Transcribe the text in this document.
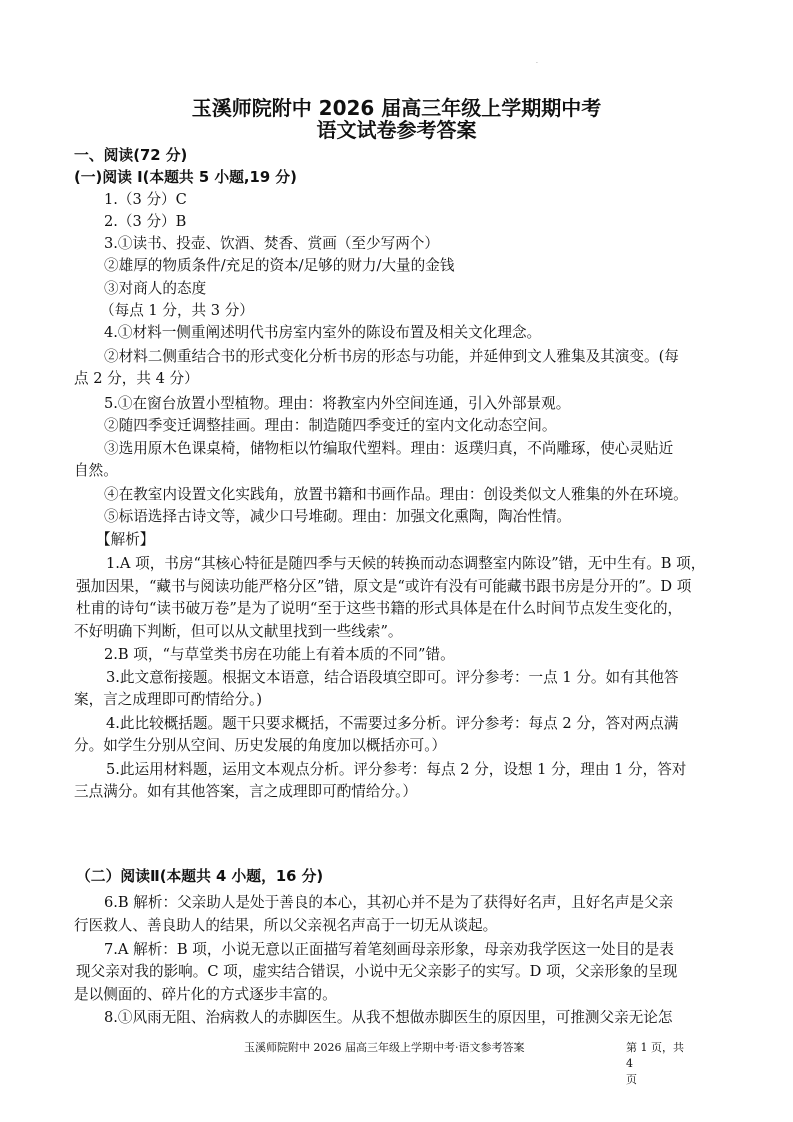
·
玉溪师院附中 2026 届高三年级上学期期中考
语文试卷参考答案
一、阅读(72 分)
(一)阅读 I(本题共 5 小题,19 分)
1.（3 分）C
2.（3 分）B
3.①读书、投壶、饮酒、焚香、赏画（至少写两个）
②雄厚的物质条件/充足的资本/足够的财力/大量的金钱
③对商人的态度
（每点 1 分，共 3 分）
4.①材料一侧重阐述明代书房室内室外的陈设布置及相关文化理念。
②材料二侧重结合书的形式变化分析书房的形态与功能，并延伸到文人雅集及其演变。(每
点 2 分，共 4 分）
5.①在窗台放置小型植物。理由：将教室内外空间连通，引入外部景观。
②随四季变迁调整挂画。理由：制造随四季变迁的室内文化动态空间。
③选用原木色课桌椅，储物柜以竹编取代塑料。理由：返璞归真，不尚雕琢，使心灵贴近
自然。
④在教室内设置文化实践角，放置书籍和书画作品。理由：创设类似文人雅集的外在环境。
⑤标语选择古诗文等，减少口号堆砌。理由：加强文化熏陶，陶冶性情。
【解析】
1.A 项，书房“其核心特征是随四季与天候的转换而动态调整室内陈设”错，无中生有。B 项，
强加因果，“藏书与阅读功能严格分区”错，原文是“或许有没有可能藏书跟书房是分开的”。D 项
杜甫的诗句“读书破万卷”是为了说明“至于这些书籍的形式具体是在什么时间节点发生变化的，
不好明确下判断，但可以从文献里找到一些线索”。
2.B 项，“与草堂类书房在功能上有着本质的不同”错。
3.此文意衔接题。根据文本语意，结合语段填空即可。评分参考：一点 1 分。如有其他答
案，言之成理即可酌情给分。)
4.此比较概括题。题干只要求概括，不需要过多分析。评分参考：每点 2 分，答对两点满
分。如学生分别从空间、历史发展的角度加以概括亦可。）
5.此运用材料题，运用文本观点分析。评分参考：每点 2 分，设想 1 分，理由 1 分，答对
三点满分。如有其他答案，言之成理即可酌情给分。）
（二）阅读Ⅱ(本题共 4 小题，16 分)
6.B 解析：父亲助人是处于善良的本心，其初心并不是为了获得好名声，且好名声是父亲
行医救人、善良助人的结果，所以父亲视名声高于一切无从谈起。
7.A 解析：B 项，小说无意以正面描写着笔刻画母亲形象，母亲劝我学医这一处目的是表
现父亲对我的影响。C 项，虚实结合错误，小说中无父亲影子的实写。D 项，父亲形象的呈现
是以侧面的、碎片化的方式逐步丰富的。
8.①风雨无阻、治病救人的赤脚医生。从我不想做赤脚医生的原因里，可推测父亲无论怎
玉溪师院附中 2026 届高三年级上学期中考·语文参考答案	第 1 页，共 4
页
